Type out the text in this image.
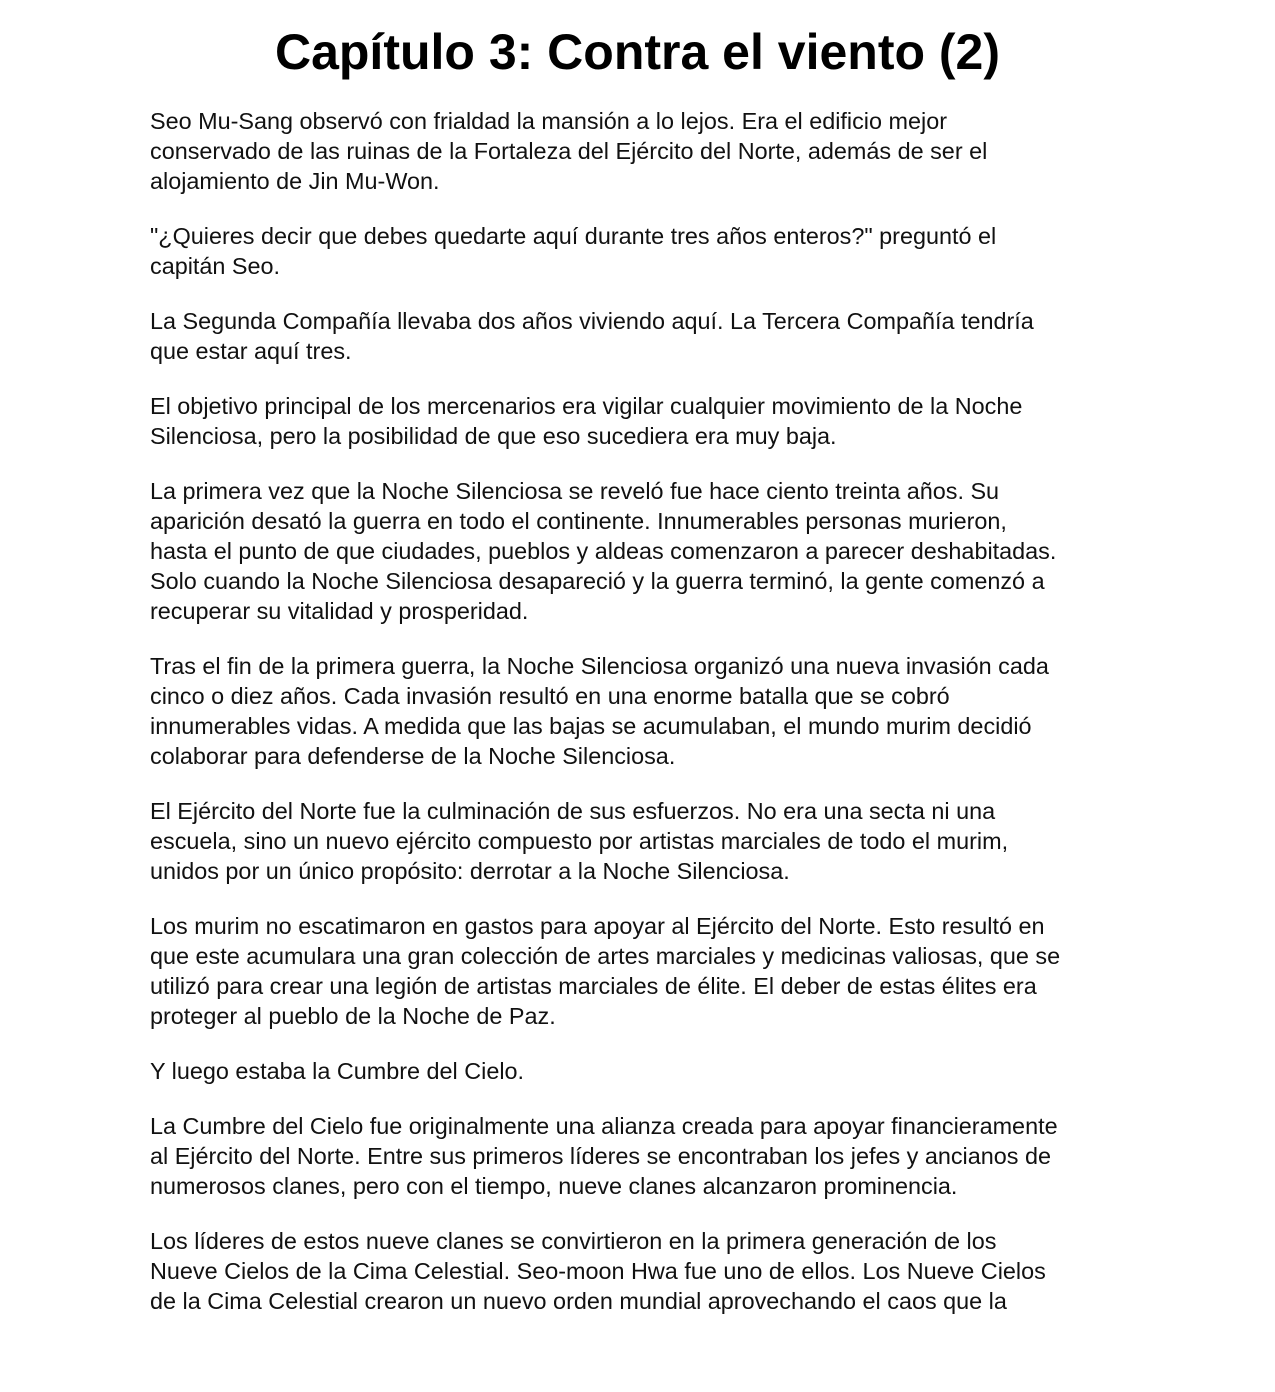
Capítulo 3: Contra el viento (2)

Seo Mu-Sang observó con frialdad la mansión a lo lejos. Era el edificio mejor
conservado de las ruinas de la Fortaleza del Ejército del Norte, además de ser el
alojamiento de Jin Mu-Won.

"¿Quieres decir que debes quedarte aquí durante tres años enteros?" preguntó el
capitán Seo.

La Segunda Compañía llevaba dos años viviendo aquí. La Tercera Compañía tendría
que estar aquí tres.

El objetivo principal de los mercenarios era vigilar cualquier movimiento de la Noche
Silenciosa, pero la posibilidad de que eso sucediera era muy baja.

La primera vez que la Noche Silenciosa se reveló fue hace ciento treinta años. Su
aparición desató la guerra en todo el continente. Innumerables personas murieron,
hasta el punto de que ciudades, pueblos y aldeas comenzaron a parecer deshabitadas.
Solo cuando la Noche Silenciosa desapareció y la guerra terminó, la gente comenzó a
recuperar su vitalidad y prosperidad.

Tras el fin de la primera guerra, la Noche Silenciosa organizó una nueva invasión cada
cinco o diez años. Cada invasión resultó en una enorme batalla que se cobró
innumerables vidas. A medida que las bajas se acumulaban, el mundo murim decidió
colaborar para defenderse de la Noche Silenciosa.

El Ejército del Norte fue la culminación de sus esfuerzos. No era una secta ni una
escuela, sino un nuevo ejército compuesto por artistas marciales de todo el murim,
unidos por un único propósito: derrotar a la Noche Silenciosa.

Los murim no escatimaron en gastos para apoyar al Ejército del Norte. Esto resultó en
que este acumulara una gran colección de artes marciales y medicinas valiosas, que se
utilizó para crear una legión de artistas marciales de élite. El deber de estas élites era
proteger al pueblo de la Noche de Paz.

Y luego estaba la Cumbre del Cielo.

La Cumbre del Cielo fue originalmente una alianza creada para apoyar financieramente
al Ejército del Norte. Entre sus primeros líderes se encontraban los jefes y ancianos de
numerosos clanes, pero con el tiempo, nueve clanes alcanzaron prominencia.

Los líderes de estos nueve clanes se convirtieron en la primera generación de los
Nueve Cielos de la Cima Celestial. Seo-moon Hwa fue uno de ellos. Los Nueve Cielos
de la Cima Celestial crearon un nuevo orden mundial aprovechando el caos que la
